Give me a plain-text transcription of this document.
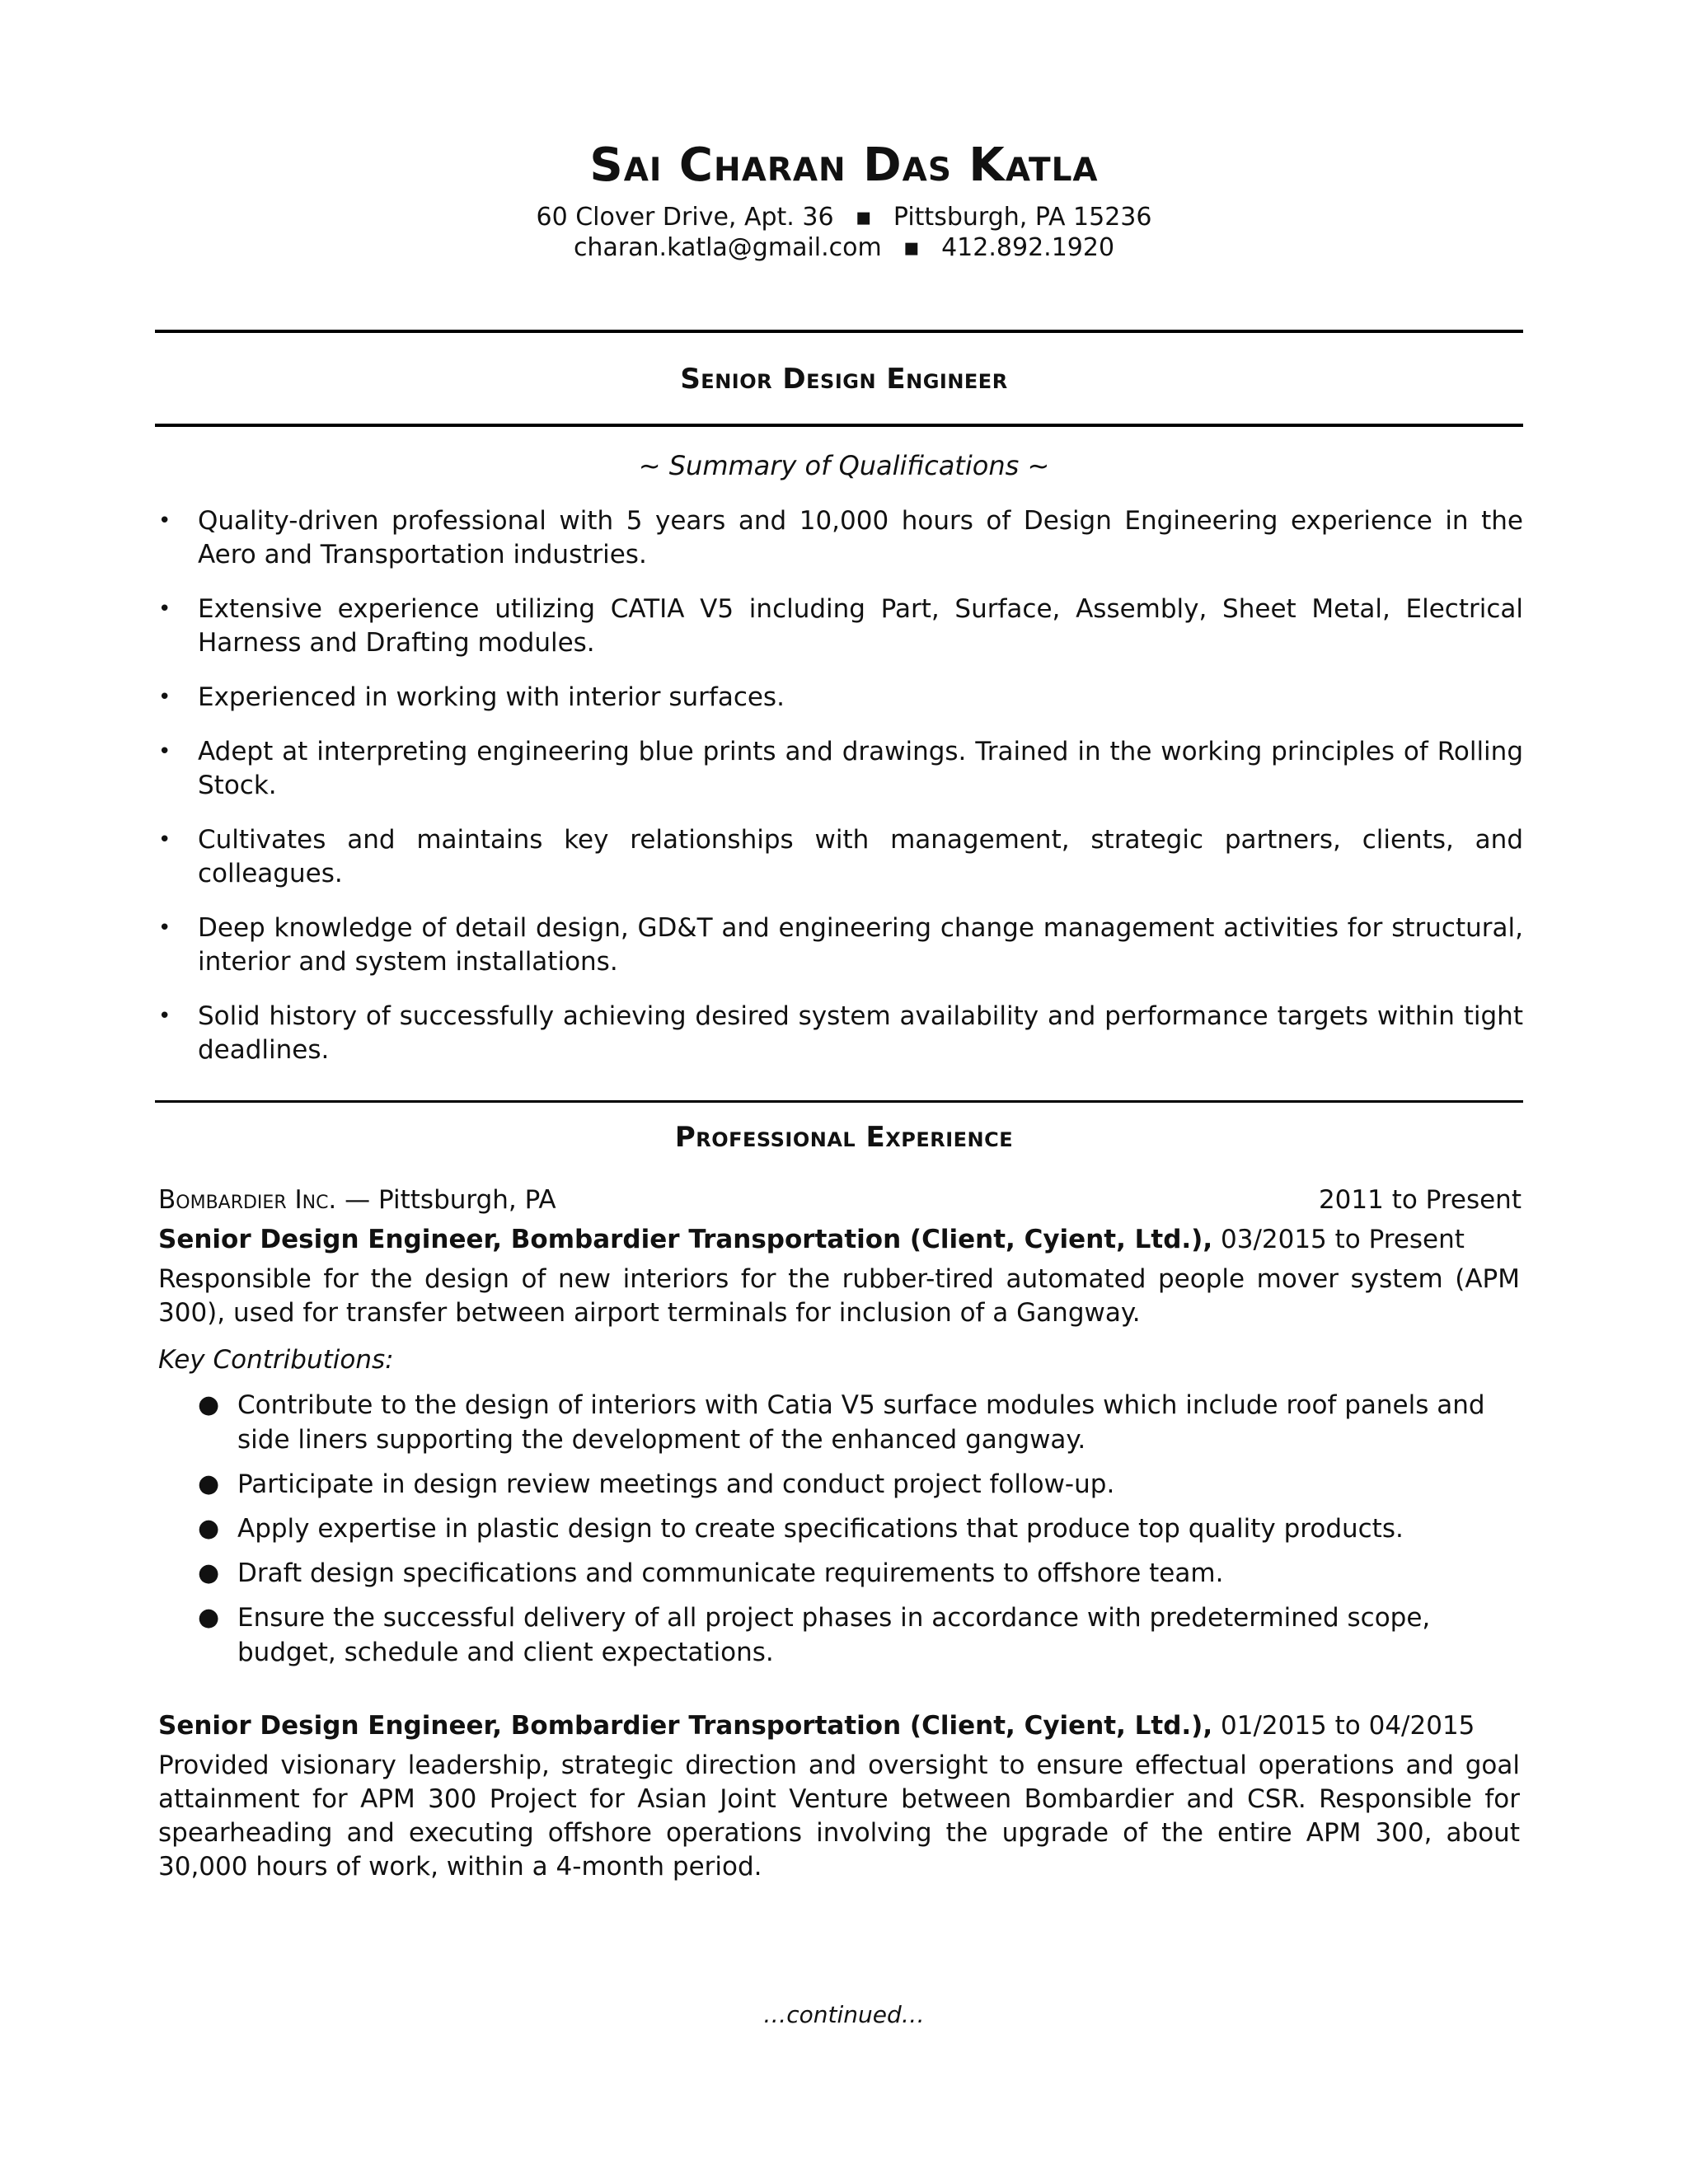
Sai Charan Das Katla
60 Clover Drive, Apt. 36 ▪ Pittsburgh, PA 15236
charan.katla@gmail.com ▪ 412.892.1920
Senior Design Engineer
~ Summary of Qualifications ~
• Quality-driven professional with 5 years and 10,000 hours of Design Engineering experience in the Aero and Transportation industries.
• Extensive experience utilizing CATIA V5 including Part, Surface, Assembly, Sheet Metal, Electrical Harness and Drafting modules.
• Experienced in working with interior surfaces.
• Adept at interpreting engineering blue prints and drawings. Trained in the working principles of Rolling Stock.
• Cultivates and maintains key relationships with management, strategic partners, clients, and colleagues.
• Deep knowledge of detail design, GD&T and engineering change management activities for structural, interior and system installations.
• Solid history of successfully achieving desired system availability and performance targets within tight deadlines.
Professional Experience
Bombardier Inc. — Pittsburgh, PA	2011 to Present
Senior Design Engineer, Bombardier Transportation (Client, Cyient, Ltd.), 03/2015 to Present
Responsible for the design of new interiors for the rubber-tired automated people mover system (APM 300), used for transfer between airport terminals for inclusion of a Gangway.
Key Contributions:
● Contribute to the design of interiors with Catia V5 surface modules which include roof panels and side liners supporting the development of the enhanced gangway.
● Participate in design review meetings and conduct project follow-up.
● Apply expertise in plastic design to create specifications that produce top quality products.
● Draft design specifications and communicate requirements to offshore team.
● Ensure the successful delivery of all project phases in accordance with predetermined scope, budget, schedule and client expectations.
Senior Design Engineer, Bombardier Transportation (Client, Cyient, Ltd.), 01/2015 to 04/2015
Provided visionary leadership, strategic direction and oversight to ensure effectual operations and goal attainment for APM 300 Project for Asian Joint Venture between Bombardier and CSR. Responsible for spearheading and executing offshore operations involving the upgrade of the entire APM 300, about 30,000 hours of work, within a 4-month period.
…continued…
